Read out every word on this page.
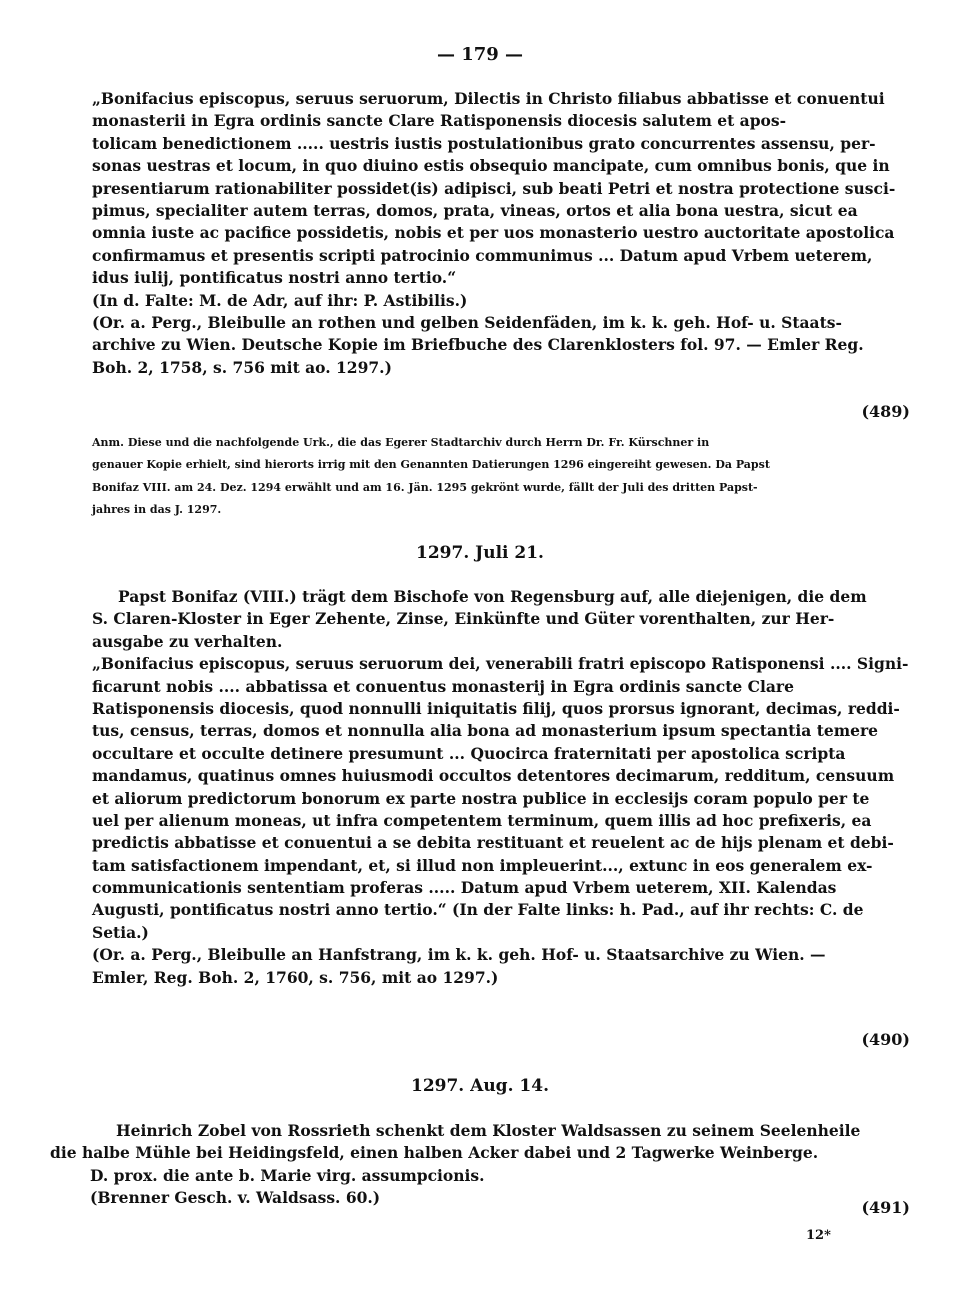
— 179 —
„Bonifacius episcopus, seruus seruorum, Dilectis in Christo filiabus abbatisse et conuentui
monasterii in Egra ordinis sancte Clare Ratisponensis diocesis salutem et apos-
tolicam benedictionem ..... uestris iustis postulationibus grato concurrentes assensu, per-
sonas uestras et locum, in quo diuino estis obsequio mancipate, cum omnibus bonis, que in
presentiarum rationabiliter possidet(is) adipisci, sub beati Petri et nostra protectione susci-
pimus, specialiter autem terras, domos, prata, vineas, ortos et alia bona uestra, sicut ea
omnia iuste ac pacifice possidetis, nobis et per uos monasterio uestro auctoritate apostolica
confirmamus et presentis scripti patrocinio communimus ... Datum apud Vrbem ueterem,
idus iulij, pontificatus nostri anno tertio.“
(In d. Falte: M. de Adr, auf ihr: P. Astibilis.)
(Or. a. Perg., Bleibulle an rothen und gelben Seidenfäden, im k. k. geh. Hof- u. Staats-
archive zu Wien. Deutsche Kopie im Briefbuche des Clarenklosters fol. 97. — Emler Reg.
Boh. 2, 1758, s. 756 mit ao. 1297.)
(489)
Anm. Diese und die nachfolgende Urk., die das Egerer Stadtarchiv durch Herrn Dr. Fr. Kürschner in
genauer Kopie erhielt, sind hierorts irrig mit den Genannten Datierungen 1296 eingereiht gewesen. Da Papst
Bonifaz VIII. am 24. Dez. 1294 erwählt und am 16. Jän. 1295 gekrönt wurde, fällt der Juli des dritten Papst-
jahres in das J. 1297.
1297. Juli 21.
Papst Bonifaz (VIII.) trägt dem Bischofe von Regensburg auf, alle diejenigen, die dem
S. Claren-Kloster in Eger Zehente, Zinse, Einkünfte und Güter vorenthalten, zur Her-
ausgabe zu verhalten.
„Bonifacius episcopus, seruus seruorum dei, venerabili fratri episcopo Ratisponensi .... Signi-
ficarunt nobis .... abbatissa et conuentus monasterij in Egra ordinis sancte Clare
Ratisponensis diocesis, quod nonnulli iniquitatis filij, quos prorsus ignorant, decimas, reddi-
tus, census, terras, domos et nonnulla alia bona ad monasterium ipsum spectantia temere
occultare et occulte detinere presumunt ... Quocirca fraternitati per apostolica scripta
mandamus, quatinus omnes huiusmodi occultos detentores decimarum, redditum, censuum
et aliorum predictorum bonorum ex parte nostra publice in ecclesijs coram populo per te
uel per alienum moneas, ut infra competentem terminum, quem illis ad hoc prefixeris, ea
predictis abbatisse et conuentui a se debita restituant et reuelent ac de hijs plenam et debi-
tam satisfactionem impendant, et, si illud non impleuerint..., extunc in eos generalem ex-
communicationis sententiam proferas ..... Datum apud Vrbem ueterem, XII. Kalendas
Augusti, pontificatus nostri anno tertio.“ (In der Falte links: h. Pad., auf ihr rechts: C. de
Setia.)
(Or. a. Perg., Bleibulle an Hanfstrang, im k. k. geh. Hof- u. Staatsarchive zu Wien. —
Emler, Reg. Boh. 2, 1760, s. 756, mit ao 1297.)
(490)
1297. Aug. 14.
Heinrich Zobel von Rossrieth schenkt dem Kloster Waldsassen zu seinem Seelenheile
die halbe Mühle bei Heidingsfeld, einen halben Acker dabei und 2 Tagwerke Weinberge.
D. prox. die ante b. Marie virg. assumpcionis.
(Brenner Gesch. v. Waldsass. 60.)
(491)
12*
